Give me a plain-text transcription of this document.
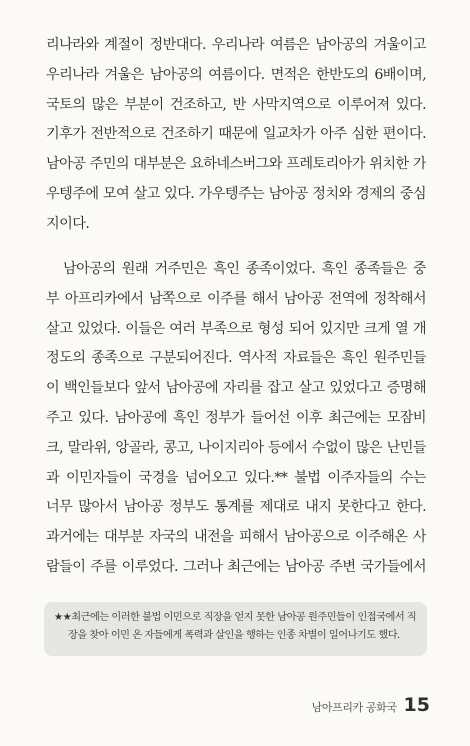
리나라와 계절이 정반대다. 우리나라 여름은 남아공의 겨울이고
우리나라 겨울은 남아공의 여름이다. 면적은 한반도의 6배이며,
국토의 많은 부분이 건조하고, 반 사막지역으로 이루어져 있다.
기후가 전반적으로 건조하기 때문에 일교차가 아주 심한 편이다.
남아공 주민의 대부분은 요하네스버그와 프레토리아가 위치한 가
우텡주에 모여 살고 있다. 가우텡주는 남아공 정치와 경제의 중심
지이다.
남아공의 원래 거주민은 흑인 종족이었다. 흑인 종족들은 중
부 아프리카에서 남쪽으로 이주를 해서 남아공 전역에 정착해서
살고 있었다. 이들은 여러 부족으로 형성 되어 있지만 크게 열 개
정도의 종족으로 구분되어진다. 역사적 자료들은 흑인 원주민들
이 백인들보다 앞서 남아공에 자리를 잡고 살고 있었다고 증명해
주고 있다. 남아공에 흑인 정부가 들어선 이후 최근에는 모잠비
크, 말라위, 앙골라, 콩고, 나이지리아 등에서 수없이 많은 난민들
과 이민자들이 국경을 넘어오고 있다.** 불법 이주자들의 수는
너무 많아서 남아공 정부도 통계를 제대로 내지 못한다고 한다.
과거에는 대부분 자국의 내전을 피해서 남아공으로 이주해온 사
람들이 주를 이루었다. 그러나 최근에는 남아공 주변 국가들에서
★★최근에는 이러한 불법 이민으로 직장을 얻지 못한 남아공 원주민들이 인접국에서 직
장을 찾아 이민 온 자들에게 폭력과 살인을 행하는 인종 차별이 일어나기도 했다.
남아프리카 공화국 15
